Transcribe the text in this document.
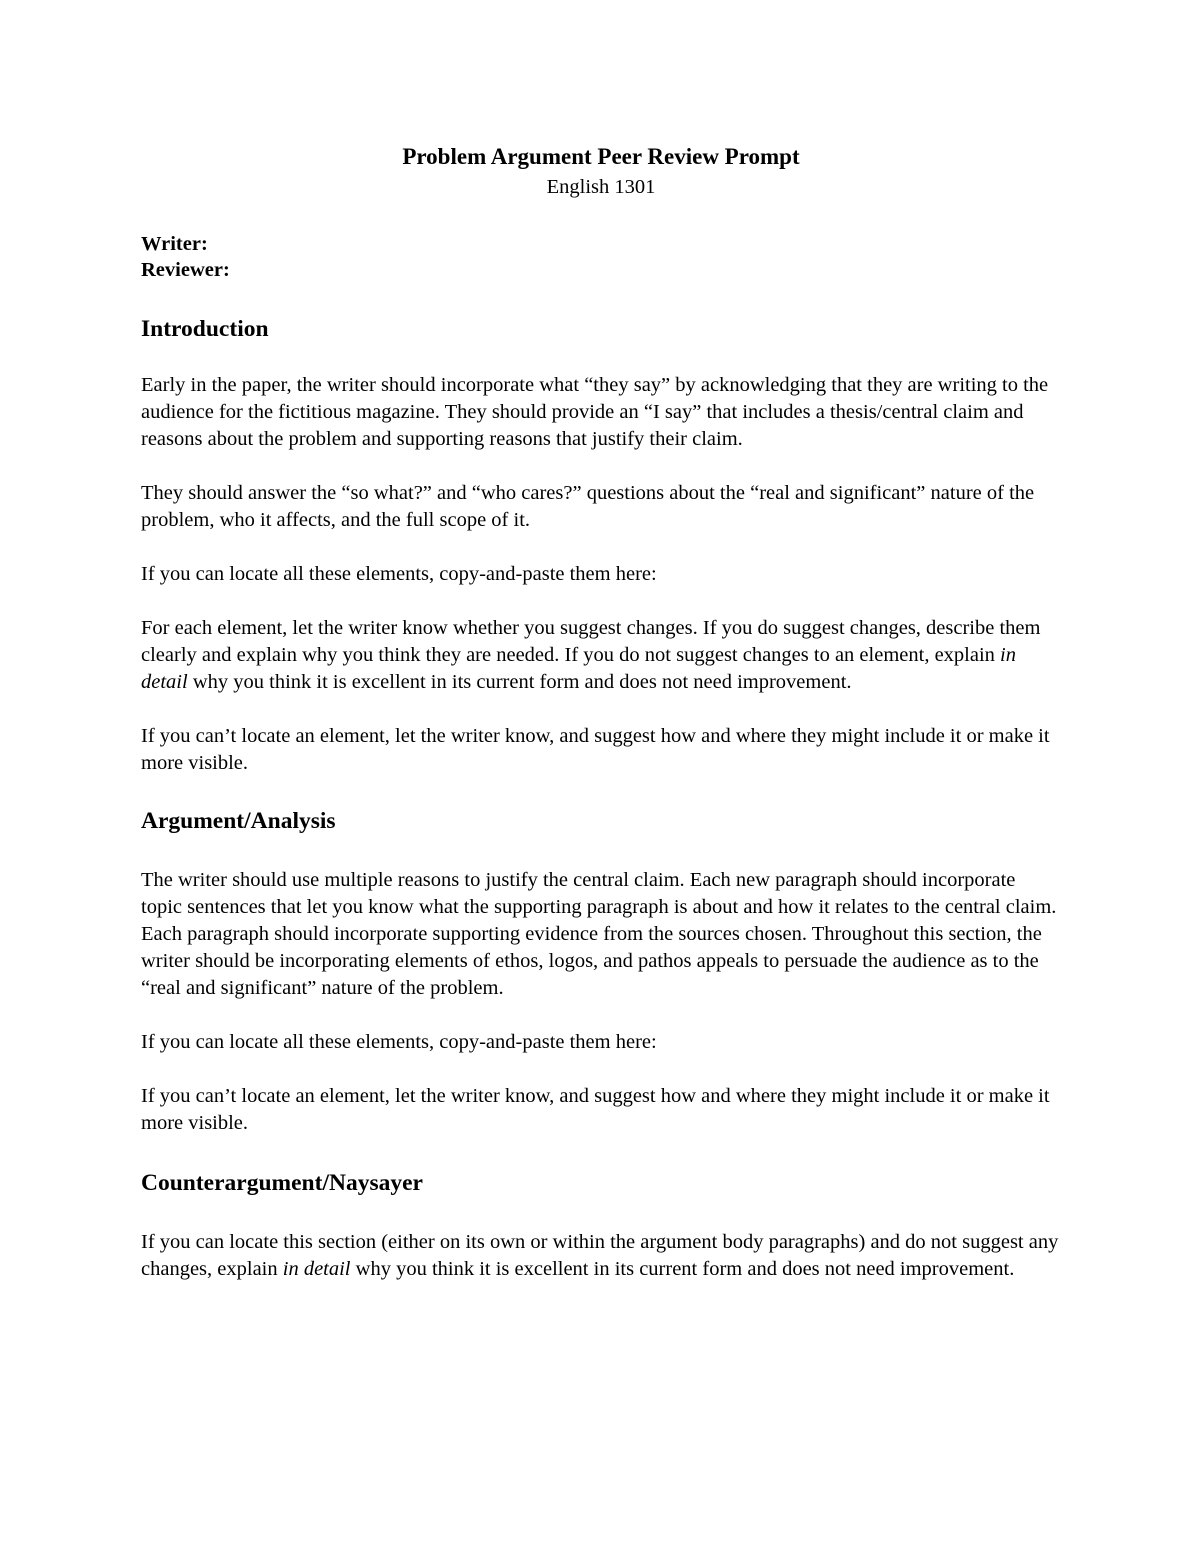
Problem Argument Peer Review Prompt
English 1301

Writer:

Reviewer:

Introduction

Early in the paper, the writer should incorporate what “they say” by acknowledging that they are writing to the audience for the fictitious magazine. They should provide an “I say” that includes a thesis/central claim and reasons about the problem and supporting reasons that justify their claim.

They should answer the “so what?” and “who cares?” questions about the “real and significant” nature of the problem, who it affects, and the full scope of it.

If you can locate all these elements, copy-and-paste them here:

For each element, let the writer know whether you suggest changes. If you do suggest changes, describe them clearly and explain why you think they are needed. If you do not suggest changes to an element, explain in detail why you think it is excellent in its current form and does not need improvement.

If you can’t locate an element, let the writer know, and suggest how and where they might include it or make it more visible.

Argument/Analysis

The writer should use multiple reasons to justify the central claim. Each new paragraph should incorporate topic sentences that let you know what the supporting paragraph is about and how it relates to the central claim. Each paragraph should incorporate supporting evidence from the sources chosen. Throughout this section, the writer should be incorporating elements of ethos, logos, and pathos appeals to persuade the audience as to the “real and significant” nature of the problem.

If you can locate all these elements, copy-and-paste them here:

If you can’t locate an element, let the writer know, and suggest how and where they might include it or make it more visible.

Counterargument/Naysayer

If you can locate this section (either on its own or within the argument body paragraphs) and do not suggest any changes, explain in detail why you think it is excellent in its current form and does not need improvement.
